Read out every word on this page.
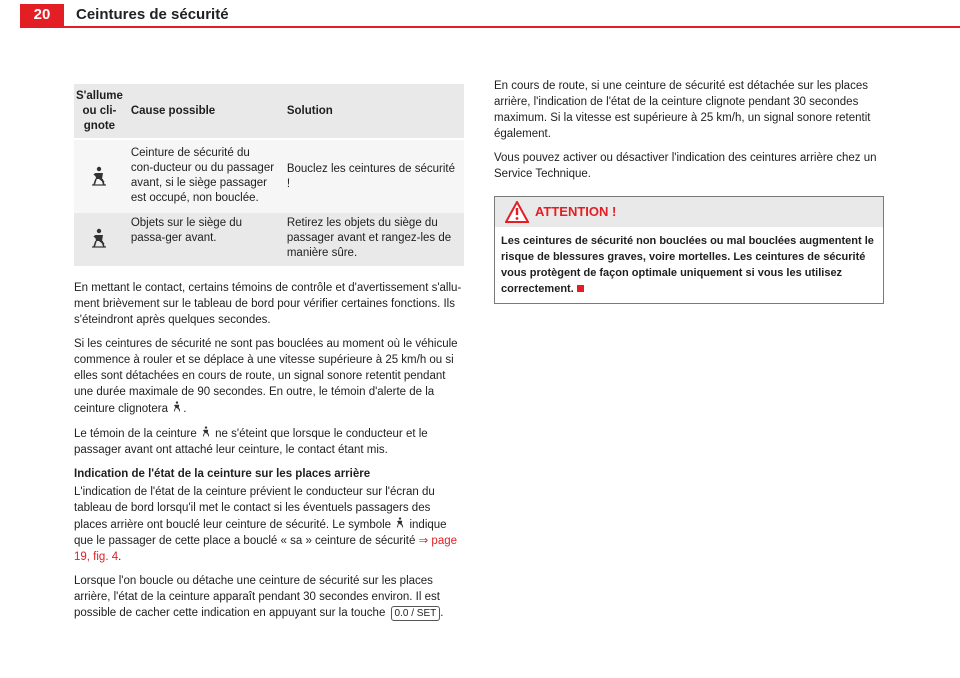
20	Ceintures de sécurité
S'allume ou cli-gnote	Cause possible	Solution
	Ceinture de sécurité du con-ducteur ou du passager avant, si le siège passager est occupé, non bouclée.	Bouclez les ceintures de sécurité !
	Objets sur le siège du passa-ger avant.	Retirez les objets du siège du passager avant et rangez-les de manière sûre.

En mettant le contact, certains témoins de contrôle et d'avertissement s'allu-ment brièvement sur le tableau de bord pour vérifier certaines fonctions. Ils s'éteindront après quelques secondes.

Si les ceintures de sécurité ne sont pas bouclées au moment où le véhicule commence à rouler et se déplace à une vitesse supérieure à 25 km/h ou si elles sont détachées en cours de route, un signal sonore retentit pendant une durée maximale de 90 secondes. En outre, le témoin d'alerte de la ceinture clignotera .

Le témoin de la ceinture ne s'éteint que lorsque le conducteur et le passager avant ont attaché leur ceinture, le contact étant mis.

Indication de l'état de la ceinture sur les places arrière

L'indication de l'état de la ceinture prévient le conducteur sur l'écran du tableau de bord lorsqu'il met le contact si les éventuels passagers des places arrière ont bouclé leur ceinture de sécurité. Le symbole indique que le passager de cette place a bouclé « sa » ceinture de sécurité ⇒ page 19, fig. 4.

Lorsque l'on boucle ou détache une ceinture de sécurité sur les places arrière, l'état de la ceinture apparaît pendant 30 secondes environ. Il est possible de cacher cette indication en appuyant sur la touche 0.0 / SET .

En cours de route, si une ceinture de sécurité est détachée sur les places arrière, l'indication de l'état de la ceinture clignote pendant 30 secondes maximum. Si la vitesse est supérieure à 25 km/h, un signal sonore retentit également.

Vous pouvez activer ou désactiver l'indication des ceintures arrière chez un Service Technique.

ATTENTION !
Les ceintures de sécurité non bouclées ou mal bouclées augmentent le risque de blessures graves, voire mortelles. Les ceintures de sécurité vous protègent de façon optimale uniquement si vous les utilisez correctement.
